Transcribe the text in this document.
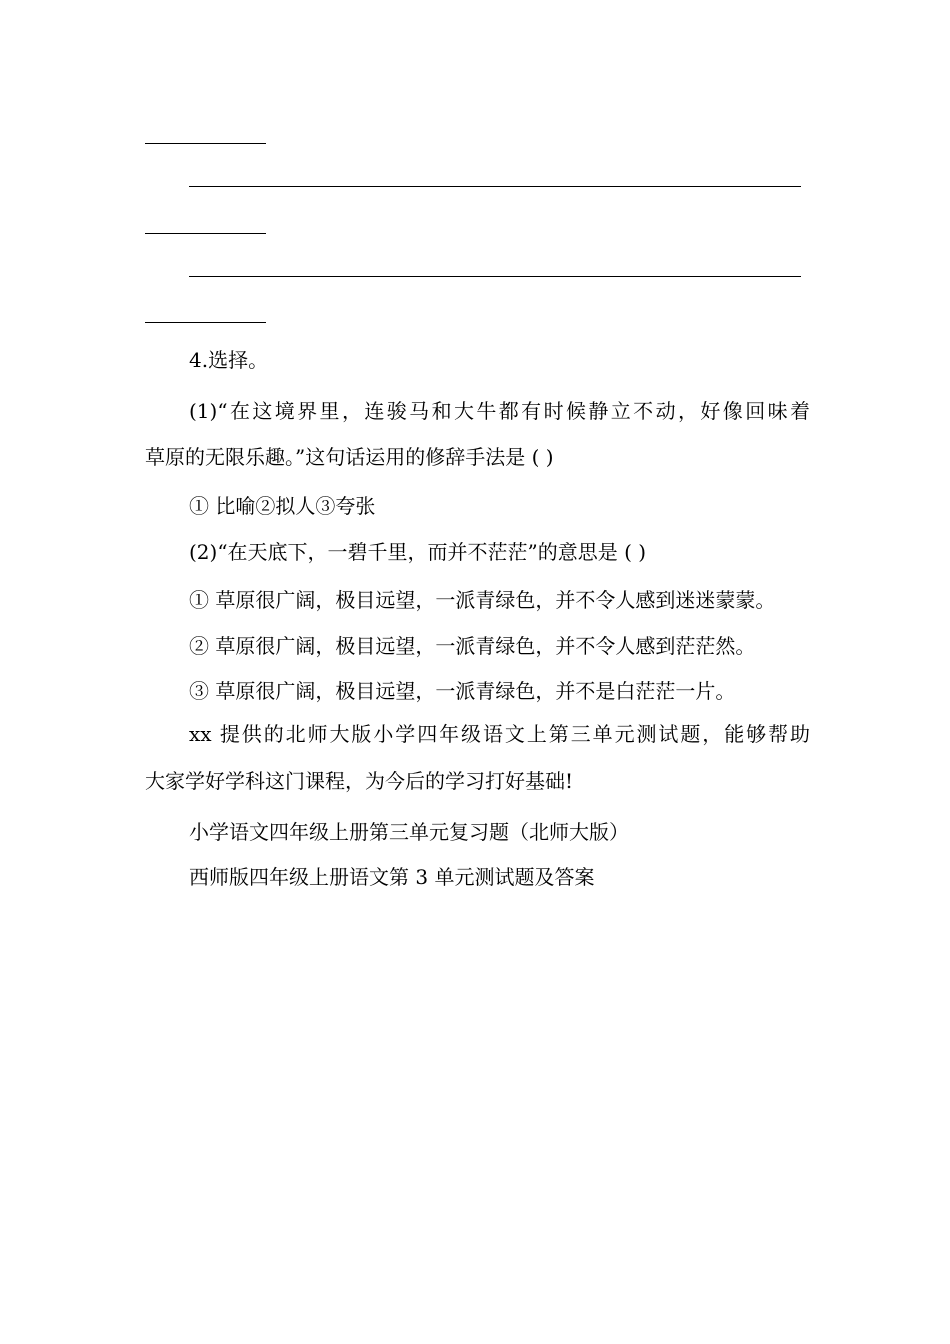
4.选择。
(1)“在这境界里，连骏马和大牛都有时候静立不动，好像回味着
草原的无限乐趣。”这句话运用的修辞手法是 ( )
① 比喻②拟人③夸张
(2)“在天底下，一碧千里，而并不茫茫”的意思是 ( )
① 草原很广阔，极目远望，一派青绿色，并不令人感到迷迷蒙蒙。
② 草原很广阔，极目远望，一派青绿色，并不令人感到茫茫然。
③ 草原很广阔，极目远望，一派青绿色，并不是白茫茫一片。
xx 提供的北师大版小学四年级语文上第三单元测试题，能够帮助
大家学好学科这门课程，为今后的学习打好基础!
小学语文四年级上册第三单元复习题（北师大版）
西师版四年级上册语文第 3 单元测试题及答案
